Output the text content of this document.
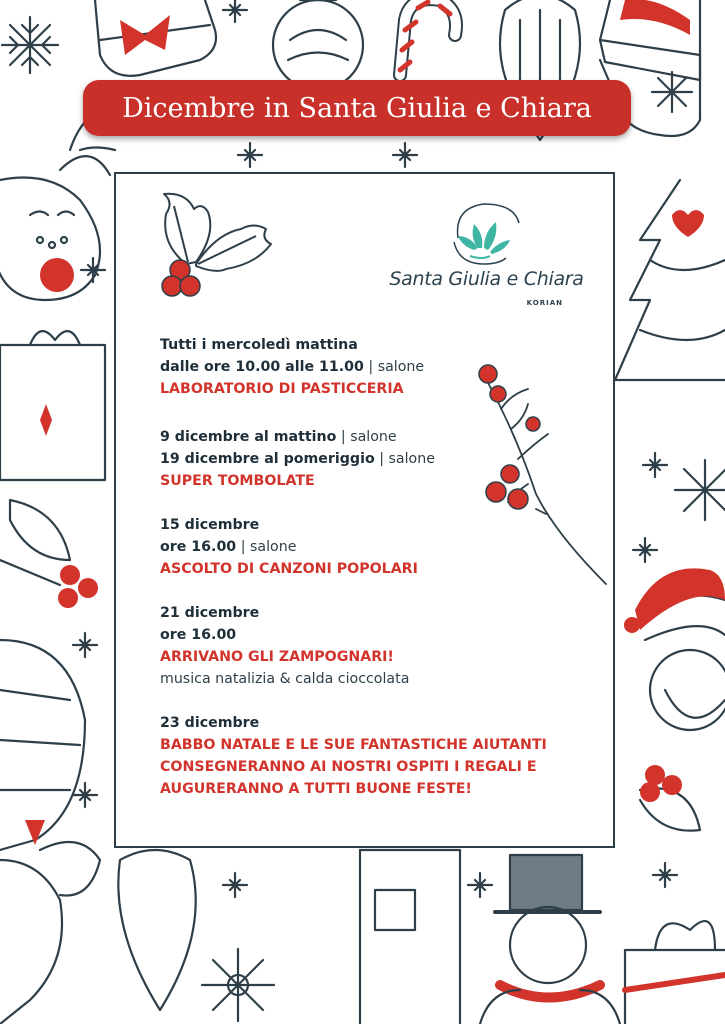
Dicembre in Santa Giulia e Chiara
Santa Giulia e Chiara
KORIAN
Tutti i mercoledì mattina
dalle ore 10.00 alle 11.00 | salone
LABORATORIO DI PASTICCERIA
9 dicembre al mattino | salone
19 dicembre al pomeriggio | salone
SUPER TOMBOLATE
15 dicembre
ore 16.00 | salone
ASCOLTO DI CANZONI POPOLARI
21 dicembre
ore 16.00
ARRIVANO GLI ZAMPOGNARI!
musica natalizia & calda cioccolata
23 dicembre
BABBO NATALE E LE SUE FANTASTICHE AIUTANTI
CONSEGNERANNO AI NOSTRI OSPITI I REGALI E
AUGURERANNO A TUTTI BUONE FESTE!
